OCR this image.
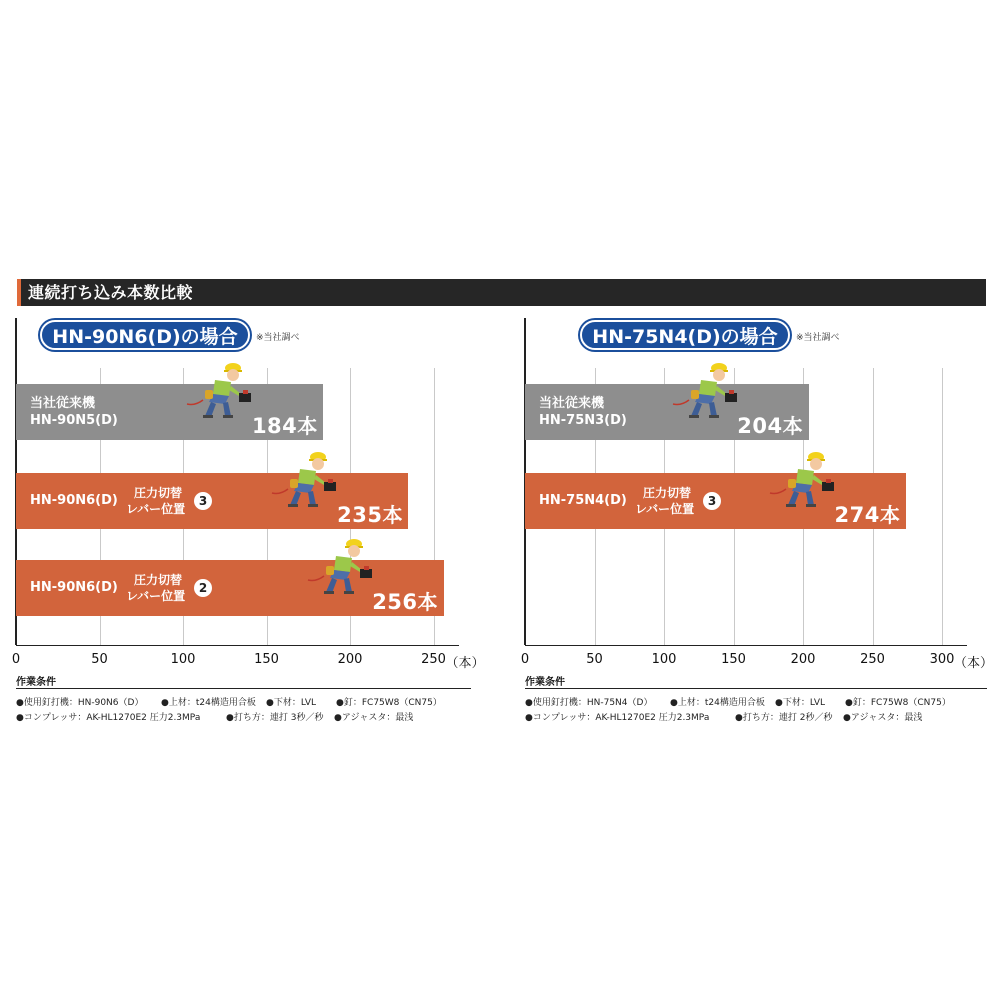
連続打ち込み本数比較
HN-90N6(D)の場合	※当社調べ
0	50	100	150	200	250 （本）
当社従来機
HN-90N5(D)	184本
HN-90N6(D) 圧力切替
レバー位置
3
235本
HN-90N6(D) 圧力切替
レバー位置
2
256本
作業条件
●使用釘打機：HN-90N6（D） ●上材：t24構造用合板 ●下材：LVL ●釘：FC75W8（CN75）
●コンプレッサ：AK-HL1270E2 圧力2.3MPa	●打ち方：連打 3秒／秒 ●アジャスタ：最浅
HN-75N4(D)の場合	※当社調べ
0	50	100	150	200	250	300 （本）
当社従来機
HN-75N3(D)	204本
HN-75N4(D) 圧力切替
レバー位置
3
274本
作業条件
●使用釘打機：HN-75N4（D） ●上材：t24構造用合板 ●下材：LVL ●釘：FC75W8（CN75）
●コンプレッサ：AK-HL1270E2 圧力2.3MPa	●打ち方：連打 2秒／秒 ●アジャスタ：最浅
